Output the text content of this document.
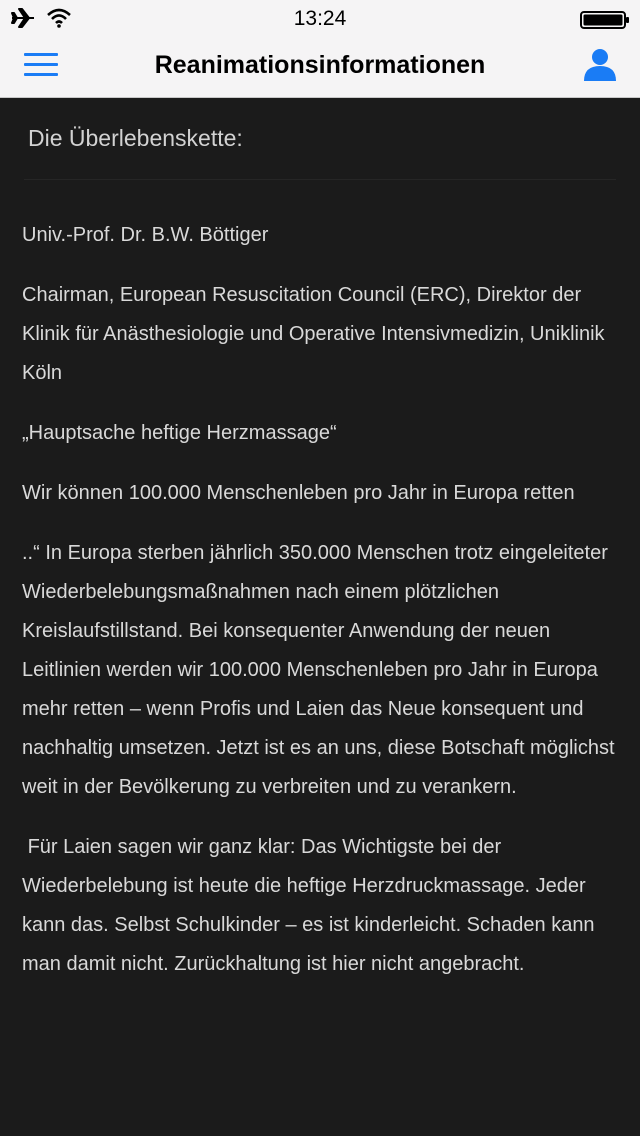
13:24
Reanimationsinformationen
Die Überlebenskette:

Univ.-Prof. Dr. B.W. Böttiger

Chairman, European Resuscitation Council (ERC), Direktor der Klinik für Anästhesiologie und Operative Intensivmedizin, Uniklinik Köln

„Hauptsache heftige Herzmassage“

Wir können 100.000 Menschenleben pro Jahr in Europa retten

..“ In Europa sterben jährlich 350.000 Menschen trotz eingeleiteter Wiederbelebungsmaßnahmen nach einem plötzlichen Kreislaufstillstand. Bei konsequenter Anwendung der neuen Leitlinien werden wir 100.000 Menschenleben pro Jahr in Europa mehr retten – wenn Profis und Laien das Neue konsequent und nachhaltig umsetzen. Jetzt ist es an uns, diese Botschaft möglichst weit in der Bevölkerung zu verbreiten und zu verankern.

Für Laien sagen wir ganz klar: Das Wichtigste bei der Wiederbelebung ist heute die heftige Herzdruckmassage. Jeder kann das. Selbst Schulkinder – es ist kinderleicht. Schaden kann man damit nicht. Zurückhaltung ist hier nicht angebracht.
